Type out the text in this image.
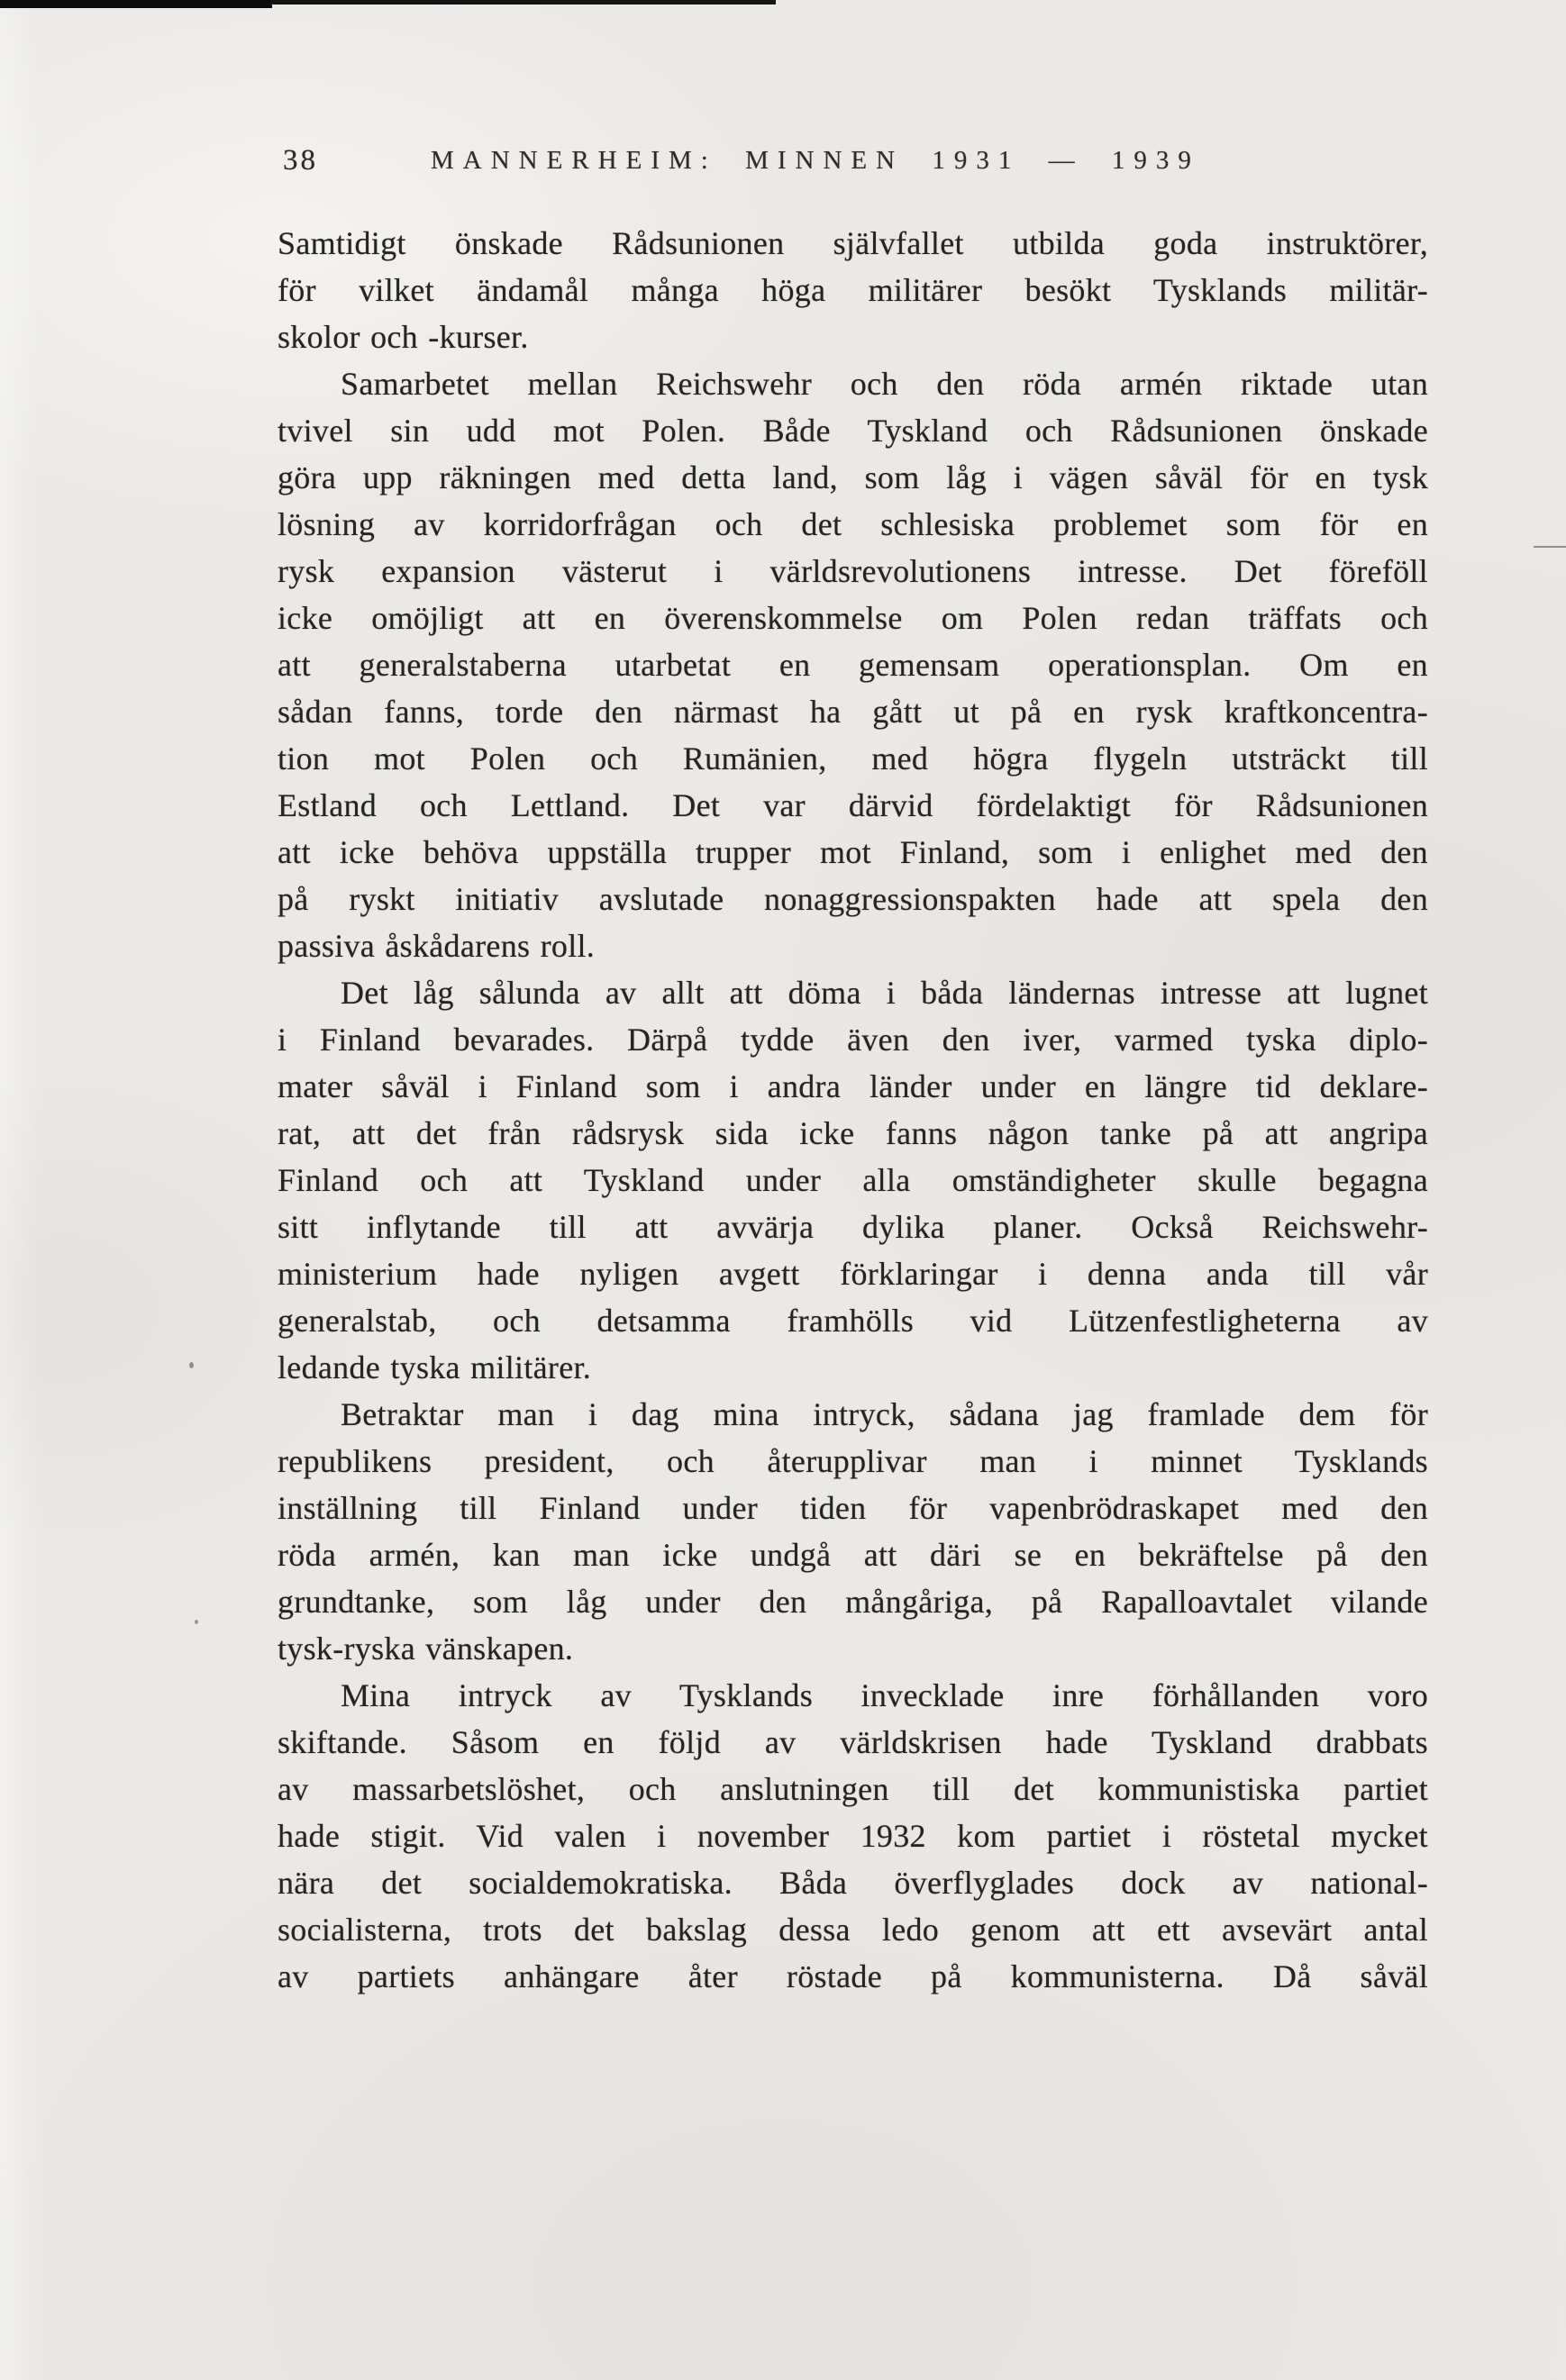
38	MANNERHEIM: MINNEN 1931 — 1939
Samtidigt önskade Rådsunionen självfallet utbilda goda instruktörer,
för vilket ändamål många höga militärer besökt Tysklands militär-
skolor och -kurser.
Samarbetet mellan Reichswehr och den röda armén riktade utan
tvivel sin udd mot Polen. Både Tyskland och Rådsunionen önskade
göra upp räkningen med detta land, som låg i vägen såväl för en tysk
lösning av korridorfrågan och det schlesiska problemet som för en
rysk expansion västerut i världsrevolutionens intresse. Det föreföll
icke omöjligt att en överenskommelse om Polen redan träffats och
att generalstaberna utarbetat en gemensam operationsplan. Om en
sådan fanns, torde den närmast ha gått ut på en rysk kraftkoncentra-
tion mot Polen och Rumänien, med högra flygeln utsträckt till
Estland och Lettland. Det var därvid fördelaktigt för Rådsunionen
att icke behöva uppställa trupper mot Finland, som i enlighet med den
på ryskt initiativ avslutade nonaggressionspakten hade att spela den
passiva åskådarens roll.
Det låg sålunda av allt att döma i båda ländernas intresse att lugnet
i Finland bevarades. Därpå tydde även den iver, varmed tyska diplo-
mater såväl i Finland som i andra länder under en längre tid deklare-
rat, att det från rådsrysk sida icke fanns någon tanke på att angripa
Finland och att Tyskland under alla omständigheter skulle begagna
sitt inflytande till att avvärja dylika planer. Också Reichswehr-
ministerium hade nyligen avgett förklaringar i denna anda till vår
generalstab, och detsamma framhölls vid Lützenfestligheterna av
ledande tyska militärer.
Betraktar man i dag mina intryck, sådana jag framlade dem för
republikens president, och återupplivar man i minnet Tysklands
inställning till Finland under tiden för vapenbrödraskapet med den
röda armén, kan man icke undgå att däri se en bekräftelse på den
grundtanke, som låg under den mångåriga, på Rapalloavtalet vilande
tysk-ryska vänskapen.
Mina intryck av Tysklands invecklade inre förhållanden voro
skiftande. Såsom en följd av världskrisen hade Tyskland drabbats
av massarbetslöshet, och anslutningen till det kommunistiska partiet
hade stigit. Vid valen i november 1932 kom partiet i röstetal mycket
nära det socialdemokratiska. Båda överflyglades dock av national-
socialisterna, trots det bakslag dessa ledo genom att ett avsevärt antal
av partiets anhängare åter röstade på kommunisterna. Då såväl
